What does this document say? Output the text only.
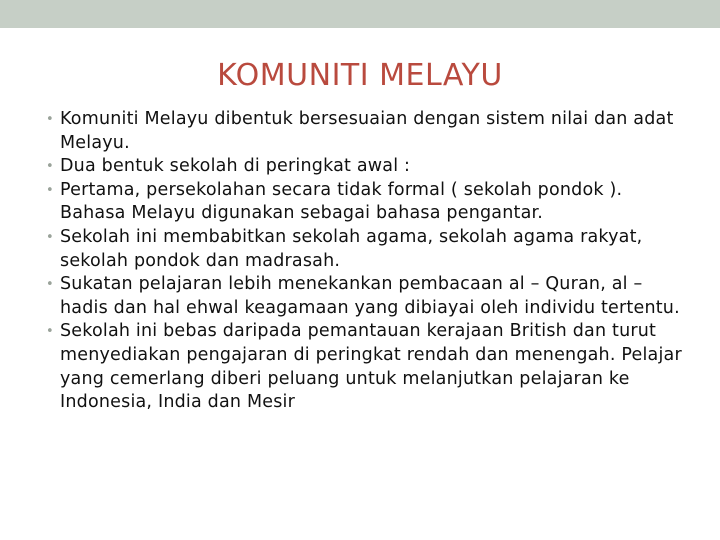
KOMUNITI MELAYU
• Komuniti Melayu dibentuk bersesuaian dengan sistem nilai dan adat Melayu.
• Dua bentuk sekolah di peringkat awal :
• Pertama, persekolahan secara tidak formal ( sekolah pondok ). Bahasa Melayu digunakan sebagai bahasa pengantar.
• Sekolah ini membabitkan sekolah agama, sekolah agama rakyat, sekolah pondok dan madrasah.
• Sukatan pelajaran lebih menekankan pembacaan al – Quran, al – hadis dan hal ehwal keagamaan yang dibiayai oleh individu tertentu.
• Sekolah ini bebas daripada pemantauan kerajaan British dan turut menyediakan pengajaran di peringkat rendah dan menengah. Pelajar yang cemerlang diberi peluang untuk melanjutkan pelajaran ke Indonesia, India dan Mesir
